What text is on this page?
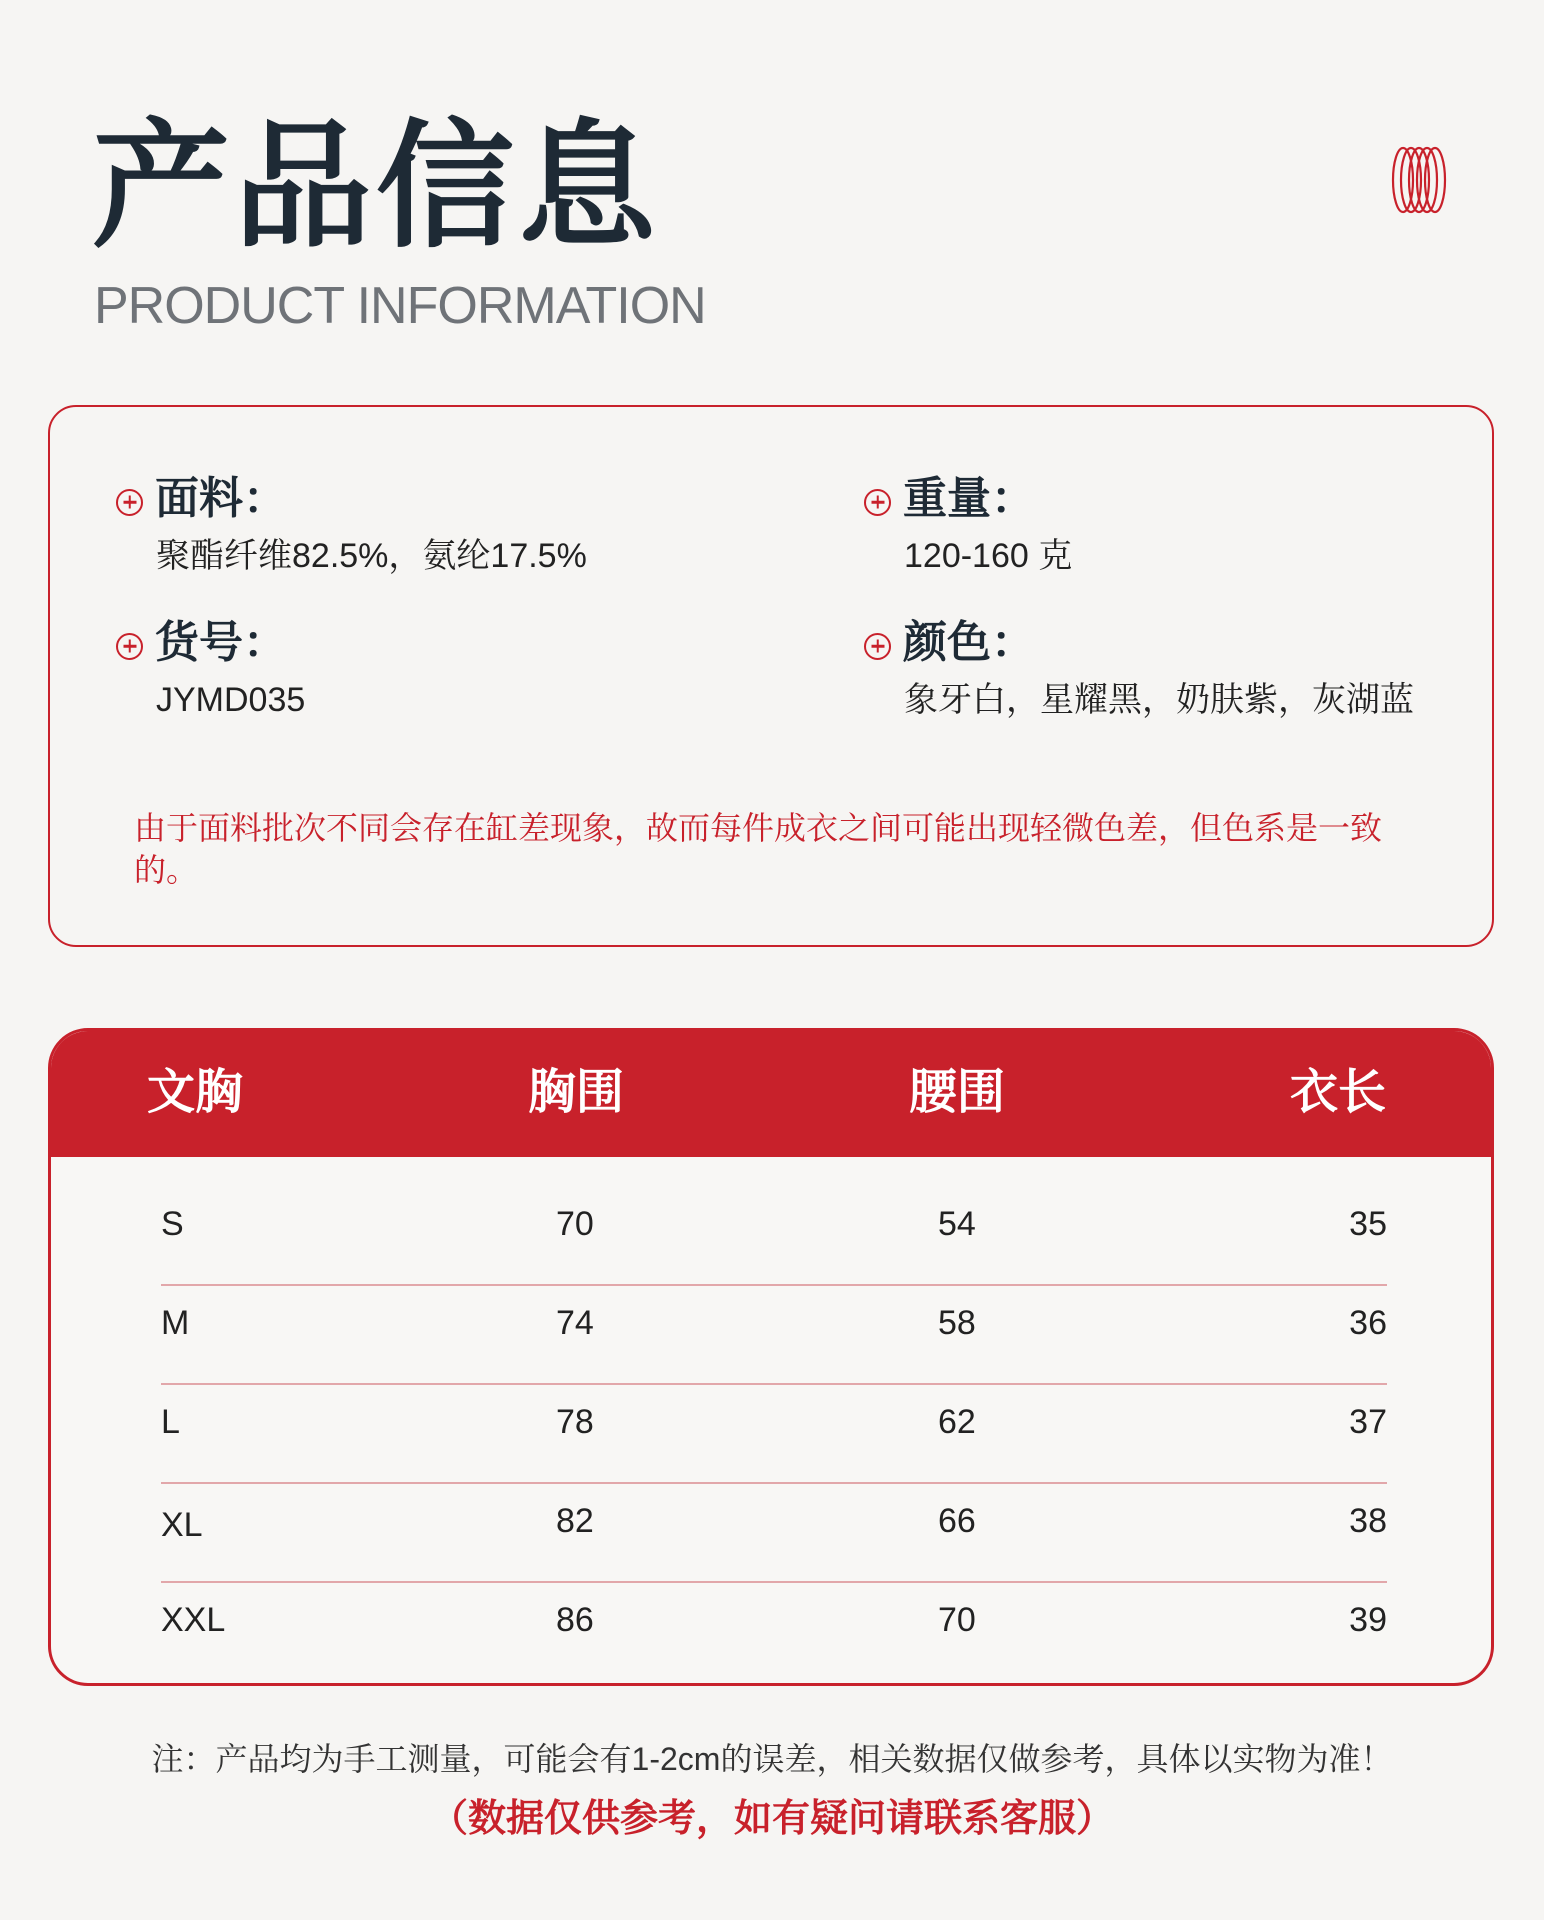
产品信息
PRODUCT INFORMATION
面料：
聚酯纤维82.5%，氨纶17.5%
重量：
120-160 克
货号：
JYMD035
颜色：
象牙白，星耀黑，奶肤紫，灰湖蓝
由于面料批次不同会存在缸差现象，故而每件成衣之间可能出现轻微色差，但色系是一致的。
文胸	胸围	腰围	衣长
S	70	54	35
M	74	58	36
L	78	62	37
XL	82	66	38
XXL	86	70	39
注：产品均为手工测量，可能会有1-2cm的误差，相关数据仅做参考，具体以实物为准！
（数据仅供参考，如有疑问请联系客服）
